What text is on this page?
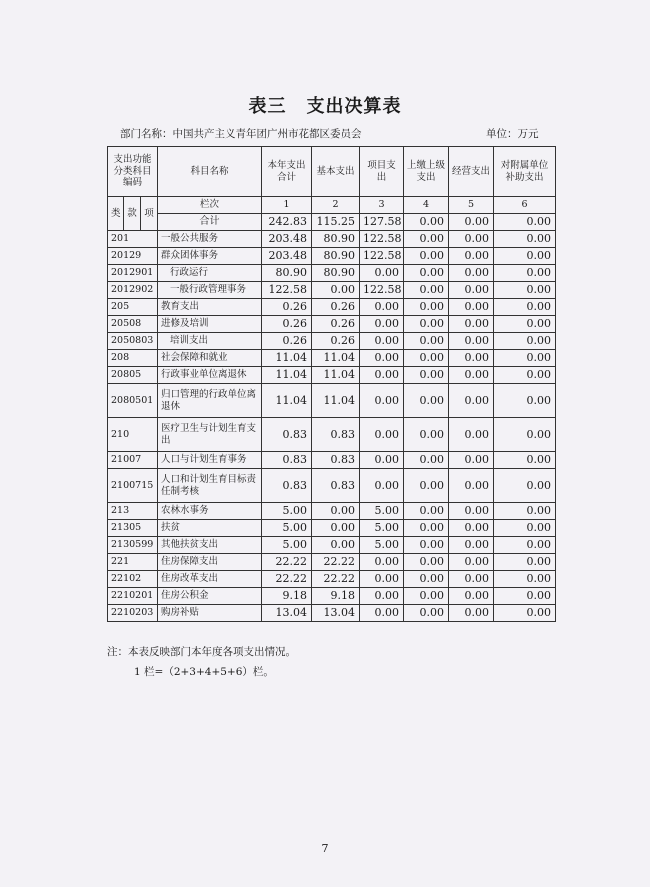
表三 支出决算表
部门名称：中国共产主义青年团广州市花都区委员会	单位：万元
支出功能分类科目编码			科目名称	本年支出合计	基本支出	项目支出	上缴上级支出	经营支出	对附属单位补助支出
类	款	项	栏次	1	2	3	4	5	6
			合计	242.83	115.25	127.58	0.00	0.00	0.00
201			一般公共服务	203.48	80.90	122.58	0.00	0.00	0.00
20129			群众团体事务	203.48	80.90	122.58	0.00	0.00	0.00
2012901			行政运行	80.90	80.90	0.00	0.00	0.00	0.00
2012902			一般行政管理事务	122.58	0.00	122.58	0.00	0.00	0.00
205			教育支出	0.26	0.26	0.00	0.00	0.00	0.00
20508			进修及培训	0.26	0.26	0.00	0.00	0.00	0.00
2050803			培训支出	0.26	0.26	0.00	0.00	0.00	0.00
208			社会保障和就业	11.04	11.04	0.00	0.00	0.00	0.00
20805			行政事业单位离退休	11.04	11.04	0.00	0.00	0.00	0.00
2080501			归口管理的行政单位离退休	11.04	11.04	0.00	0.00	0.00	0.00
210			医疗卫生与计划生育支出	0.83	0.83	0.00	0.00	0.00	0.00
21007			人口与计划生育事务	0.83	0.83	0.00	0.00	0.00	0.00
2100715			人口和计划生育目标责任制考核	0.83	0.83	0.00	0.00	0.00	0.00
213			农林水事务	5.00	0.00	5.00	0.00	0.00	0.00
21305			扶贫	5.00	0.00	5.00	0.00	0.00	0.00
2130599			其他扶贫支出	5.00	0.00	5.00	0.00	0.00	0.00
221			住房保障支出	22.22	22.22	0.00	0.00	0.00	0.00
22102			住房改革支出	22.22	22.22	0.00	0.00	0.00	0.00
2210201			住房公积金	9.18	9.18	0.00	0.00	0.00	0.00
2210203			购房补贴	13.04	13.04	0.00	0.00	0.00	0.00
注：本表反映部门本年度各项支出情况。
1 栏=（2+3+4+5+6）栏。
7
